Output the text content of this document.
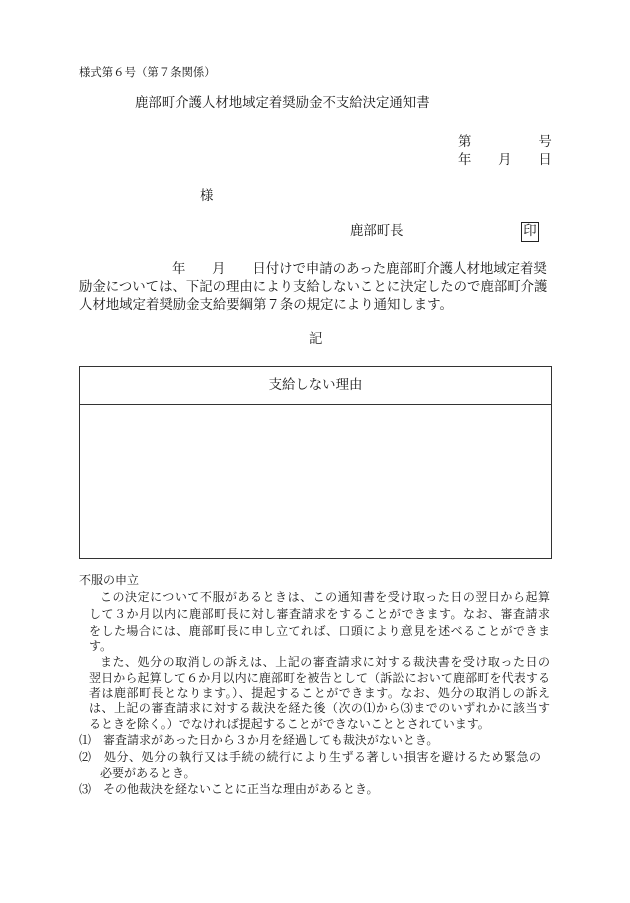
様式第６号（第７条関係）
鹿部町介護人材地域定着奨励金不支給決定通知書
第　　　　　号
年　　月　　日
様
鹿部町長	印
年　　月　　日付けで申請のあった鹿部町介護人材地域定着奨
励金については、下記の理由により支給しないことに決定したので鹿部町介護
人材地域定着奨励金支給要綱第７条の規定により通知します。
記
支給しない理由
不服の申立
この決定について不服があるときは、この通知書を受け取った日の翌日から起算
して３か月以内に鹿部町長に対し審査請求をすることができます。なお、審査請求
をした場合には、鹿部町長に申し立てれば、口頭により意見を述べることができま
す。
また、処分の取消しの訴えは、上記の審査請求に対する裁決書を受け取った日の
翌日から起算して６か月以内に鹿部町を被告として（訴訟において鹿部町を代表する
者は鹿部町長となります。）、提起することができます。なお、処分の取消しの訴え
は、上記の審査請求に対する裁決を経た後（次の⑴から⑶までのいずれかに該当す
るときを除く。）でなければ提起することができないこととされています。
⑴　審査請求があった日から３か月を経過しても裁決がないとき。
⑵　処分、処分の執行又は手続の続行により生ずる著しい損害を避けるため緊急の
必要があるとき。
⑶　その他裁決を経ないことに正当な理由があるとき。
